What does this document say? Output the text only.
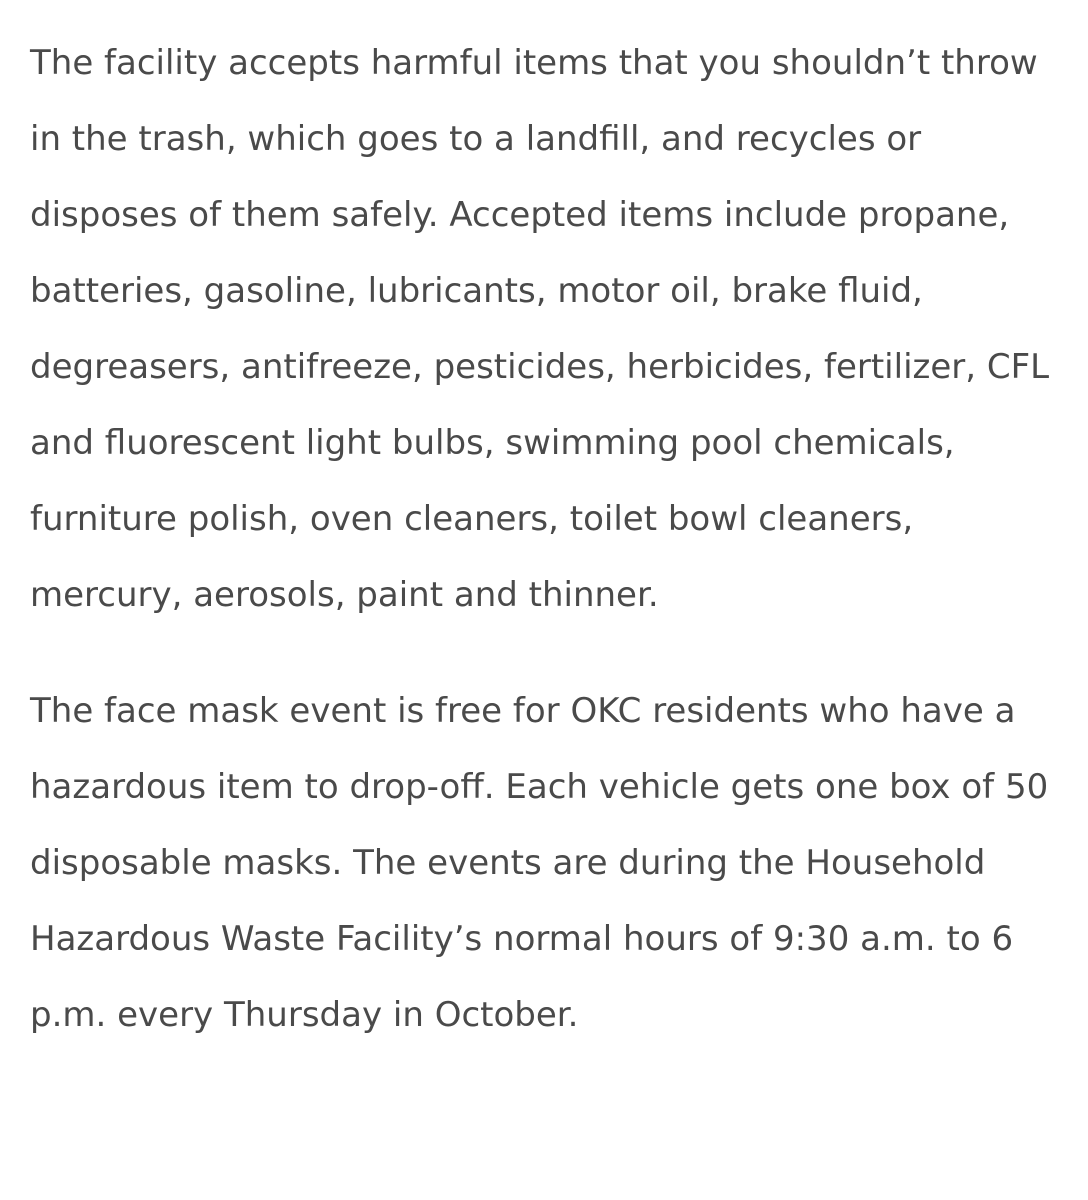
The facility accepts harmful items that you shouldn’t throw in the trash, which goes to a landfill, and recycles or disposes of them safely. Accepted items include propane, batteries, gasoline, lubricants, motor oil, brake fluid, degreasers, antifreeze, pesticides, herbicides, fertilizer, CFL and fluorescent light bulbs, swimming pool chemicals, furniture polish, oven cleaners, toilet bowl cleaners, mercury, aerosols, paint and thinner.

The face mask event is free for OKC residents who have a hazardous item to drop-off. Each vehicle gets one box of 50 disposable masks. The events are during the Household Hazardous Waste Facility’s normal hours of 9:30 a.m. to 6 p.m. every Thursday in October.
